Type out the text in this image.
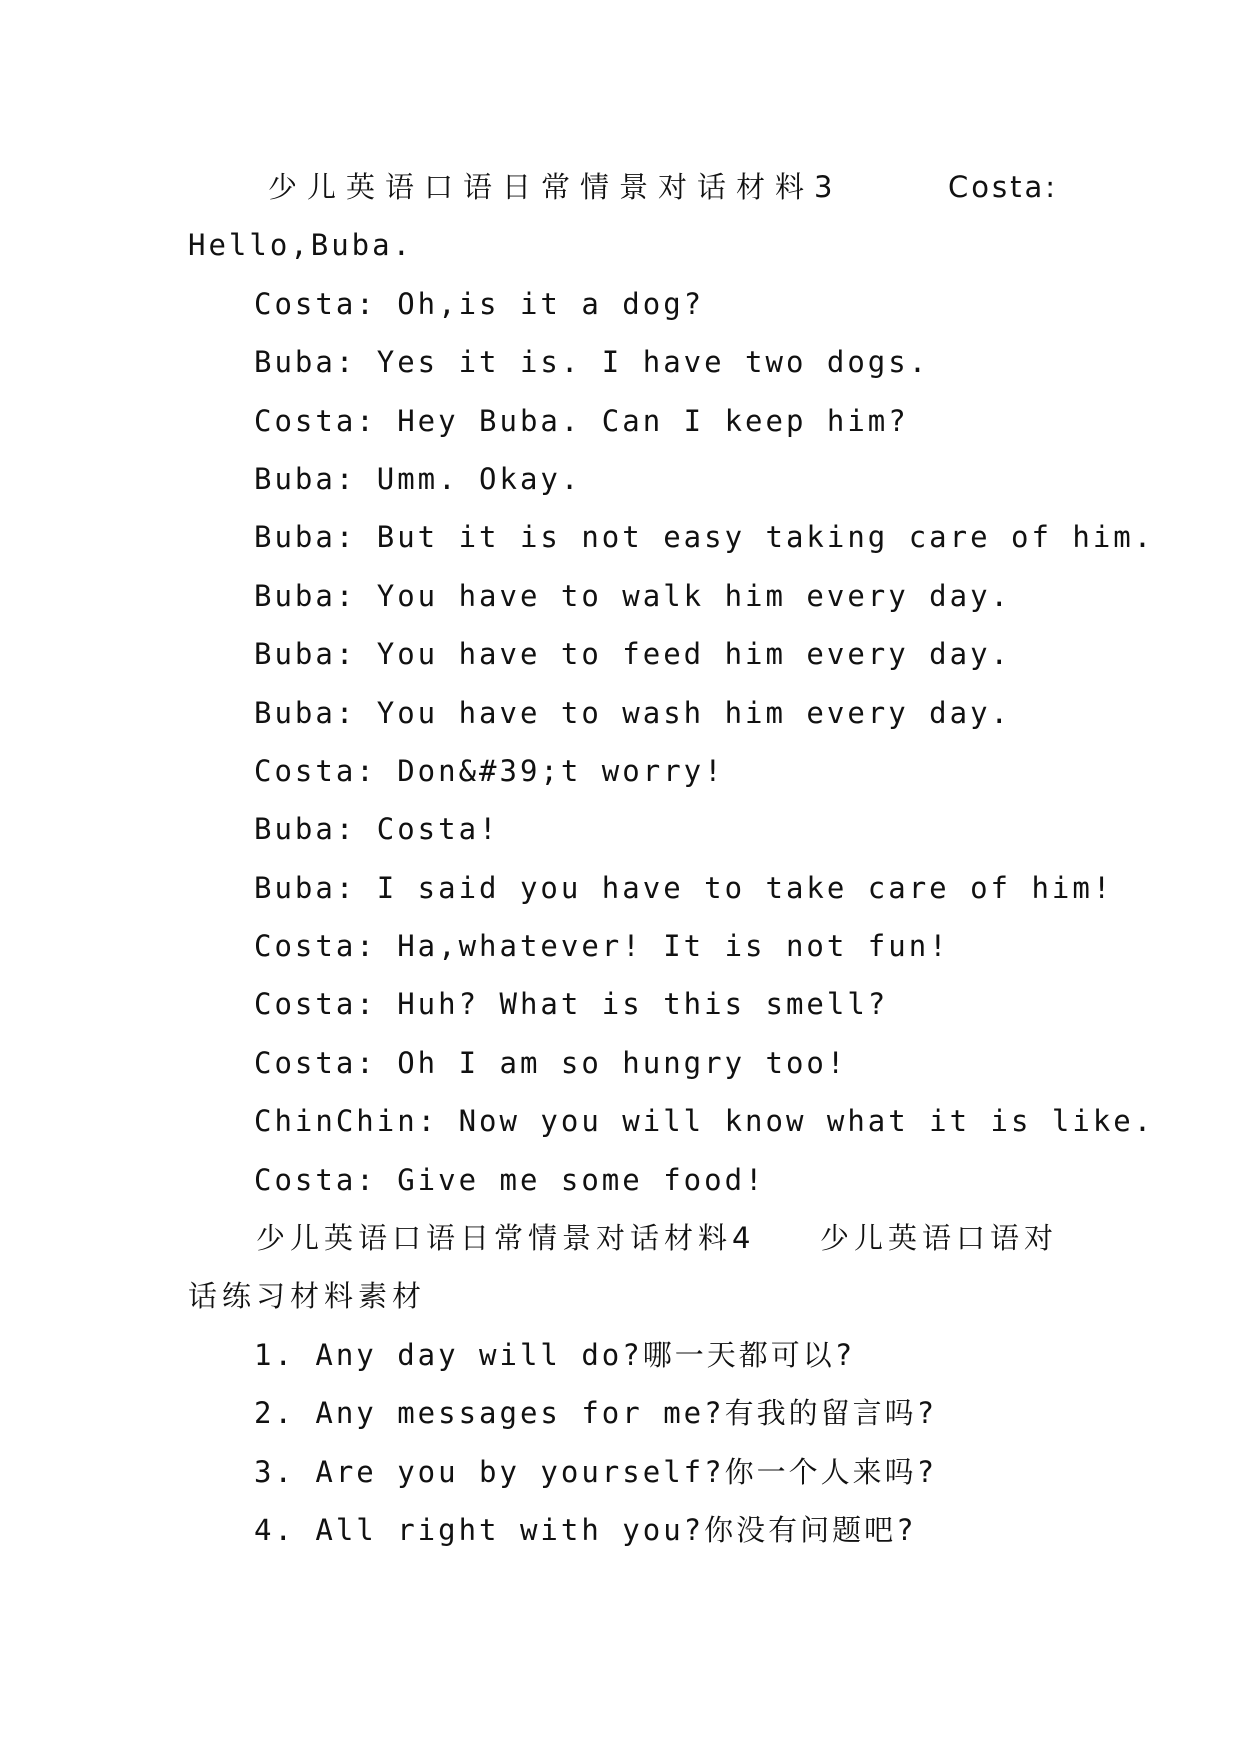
少儿英语口语日常情景对话材料3	Costa:
Hello,Buba.
Costa: Oh,is it a dog?
Buba: Yes it is. I have two dogs.
Costa: Hey Buba. Can I keep him?
Buba: Umm. Okay.
Buba: But it is not easy taking care of him.
Buba: You have to walk him every day.
Buba: You have to feed him every day.
Buba: You have to wash him every day.
Costa: Don&#39;t worry!
Buba: Costa!
Buba: I said you have to take care of him!
Costa: Ha,whatever! It is not fun!
Costa: Huh? What is this smell?
Costa: Oh I am so hungry too!
ChinChin: Now you will know what it is like.
Costa: Give me some food!
少儿英语口语日常情景对话材料4 少儿英语口语对
话练习材料素材
1. Any day will do?哪一天都可以?
2. Any messages for me?有我的留言吗?
3. Are you by yourself?你一个人来吗?
4. All right with you?你没有问题吧?
